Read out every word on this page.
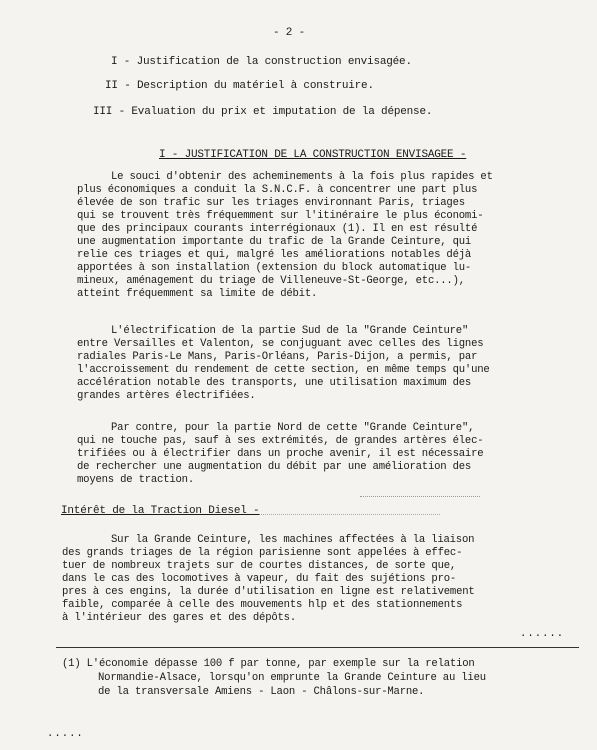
- 2 -
I - Justification de la construction envisagée.
II - Description du matériel à construire.
III - Evaluation du prix et imputation de la dépense.
I - JUSTIFICATION DE LA CONSTRUCTION ENVISAGEE -
Le souci d'obtenir des acheminements à la fois plus rapides et
plus économiques a conduit la S.N.C.F. à concentrer une part plus
élevée de son trafic sur les triages environnant Paris, triages
qui se trouvent très fréquemment sur l'itinéraire le plus économi-
que des principaux courants interrégionaux (1). Il en est résulté
une augmentation importante du trafic de la Grande Ceinture, qui
relie ces triages et qui, malgré les améliorations notables déjà
apportées à son installation (extension du block automatique lu-
mineux, aménagement du triage de Villeneuve-St-George, etc...),
atteint fréquemment sa limite de débit.
L'électrification de la partie Sud de la "Grande Ceinture"
entre Versailles et Valenton, se conjuguant avec celles des lignes
radiales Paris-Le Mans, Paris-Orléans, Paris-Dijon, a permis, par
l'accroissement du rendement de cette section, en même temps qu'une
accélération notable des transports, une utilisation maximum des
grandes artères électrifiées.
Par contre, pour la partie Nord de cette "Grande Ceinture",
qui ne touche pas, sauf à ses extrémités, de grandes artères élec-
trifiées ou à électrifier dans un proche avenir, il est nécessaire
de rechercher une augmentation du débit par une amélioration des
moyens de traction.
Intérêt de la Traction Diesel -
Sur la Grande Ceinture, les machines affectées à la liaison
des grands triages de la région parisienne sont appelées à effec-
tuer de nombreux trajets sur de courtes distances, de sorte que,
dans le cas des locomotives à vapeur, du fait des sujétions pro-
pres à ces engins, la durée d'utilisation en ligne est relativement
faible, comparée à celle des mouvements hlp et des stationnements
à l'intérieur des gares et des dépôts.
......
(1) L'économie dépasse 100 f par tonne, par exemple sur la relation
Normandie-Alsace, lorsqu'on emprunte la Grande Ceinture au lieu
de la transversale Amiens - Laon - Châlons-sur-Marne.
.....
